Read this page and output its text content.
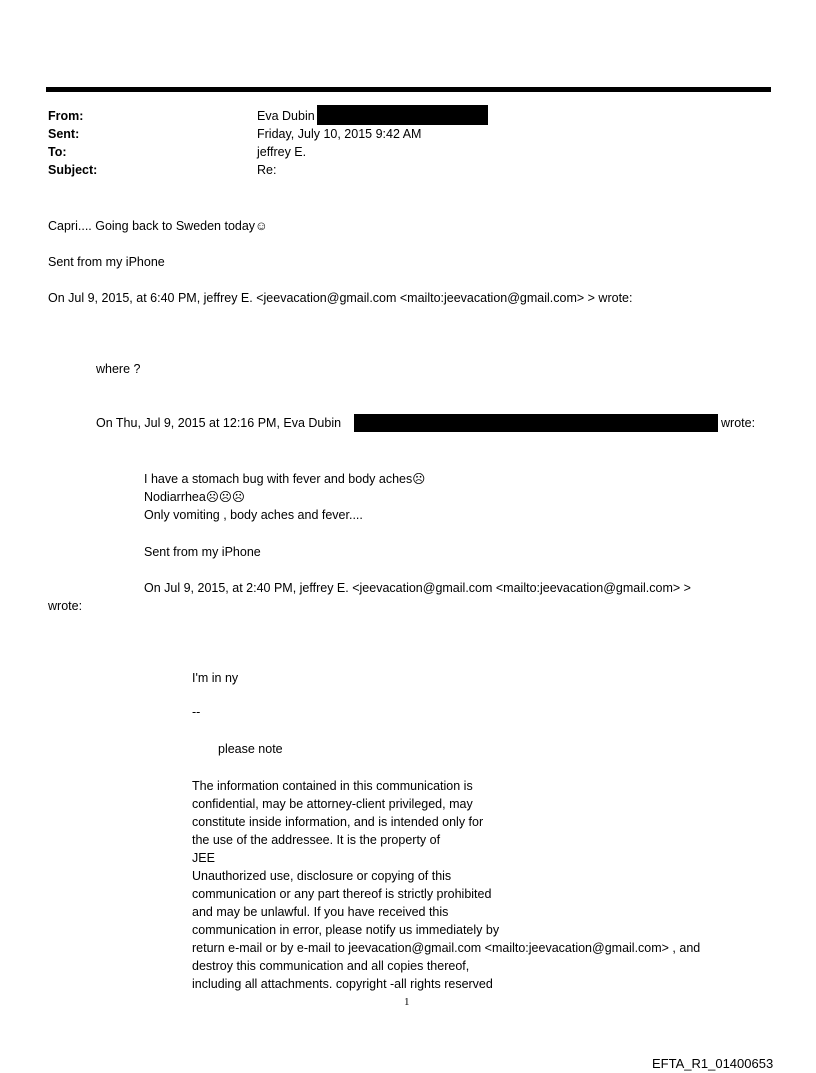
From:	Eva Dubin
Sent:	Friday, July 10, 2015 9:42 AM
To:	jeffrey E.
Subject:	Re:
Capri.... Going back to Sweden today☺
Sent from my iPhone
On Jul 9, 2015, at 6:40 PM, jeffrey E. <jeevacation@gmail.com <mailto:jeevacation@gmail.com> > wrote:
where ?
On Thu, Jul 9, 2015 at 12:16 PM, Eva Dubin	wrote:
I have a stomach bug with fever and body aches☹
Nodiarrhea☹☹☹
Only vomiting , body aches and fever....
Sent from my iPhone
On Jul 9, 2015, at 2:40 PM, jeffrey E. <jeevacation@gmail.com <mailto:jeevacation@gmail.com> >
wrote:
I'm in ny
--
please note
The information contained in this communication is
confidential, may be attorney-client privileged, may
constitute inside information, and is intended only for
the use of the addressee. It is the property of
JEE
Unauthorized use, disclosure or copying of this
communication or any part thereof is strictly prohibited
and may be unlawful. If you have received this
communication in error, please notify us immediately by
return e-mail or by e-mail to jeevacation@gmail.com <mailto:jeevacation@gmail.com> , and
destroy this communication and all copies thereof,
including all attachments. copyright -all rights reserved
1
EFTA_R1_01400653
